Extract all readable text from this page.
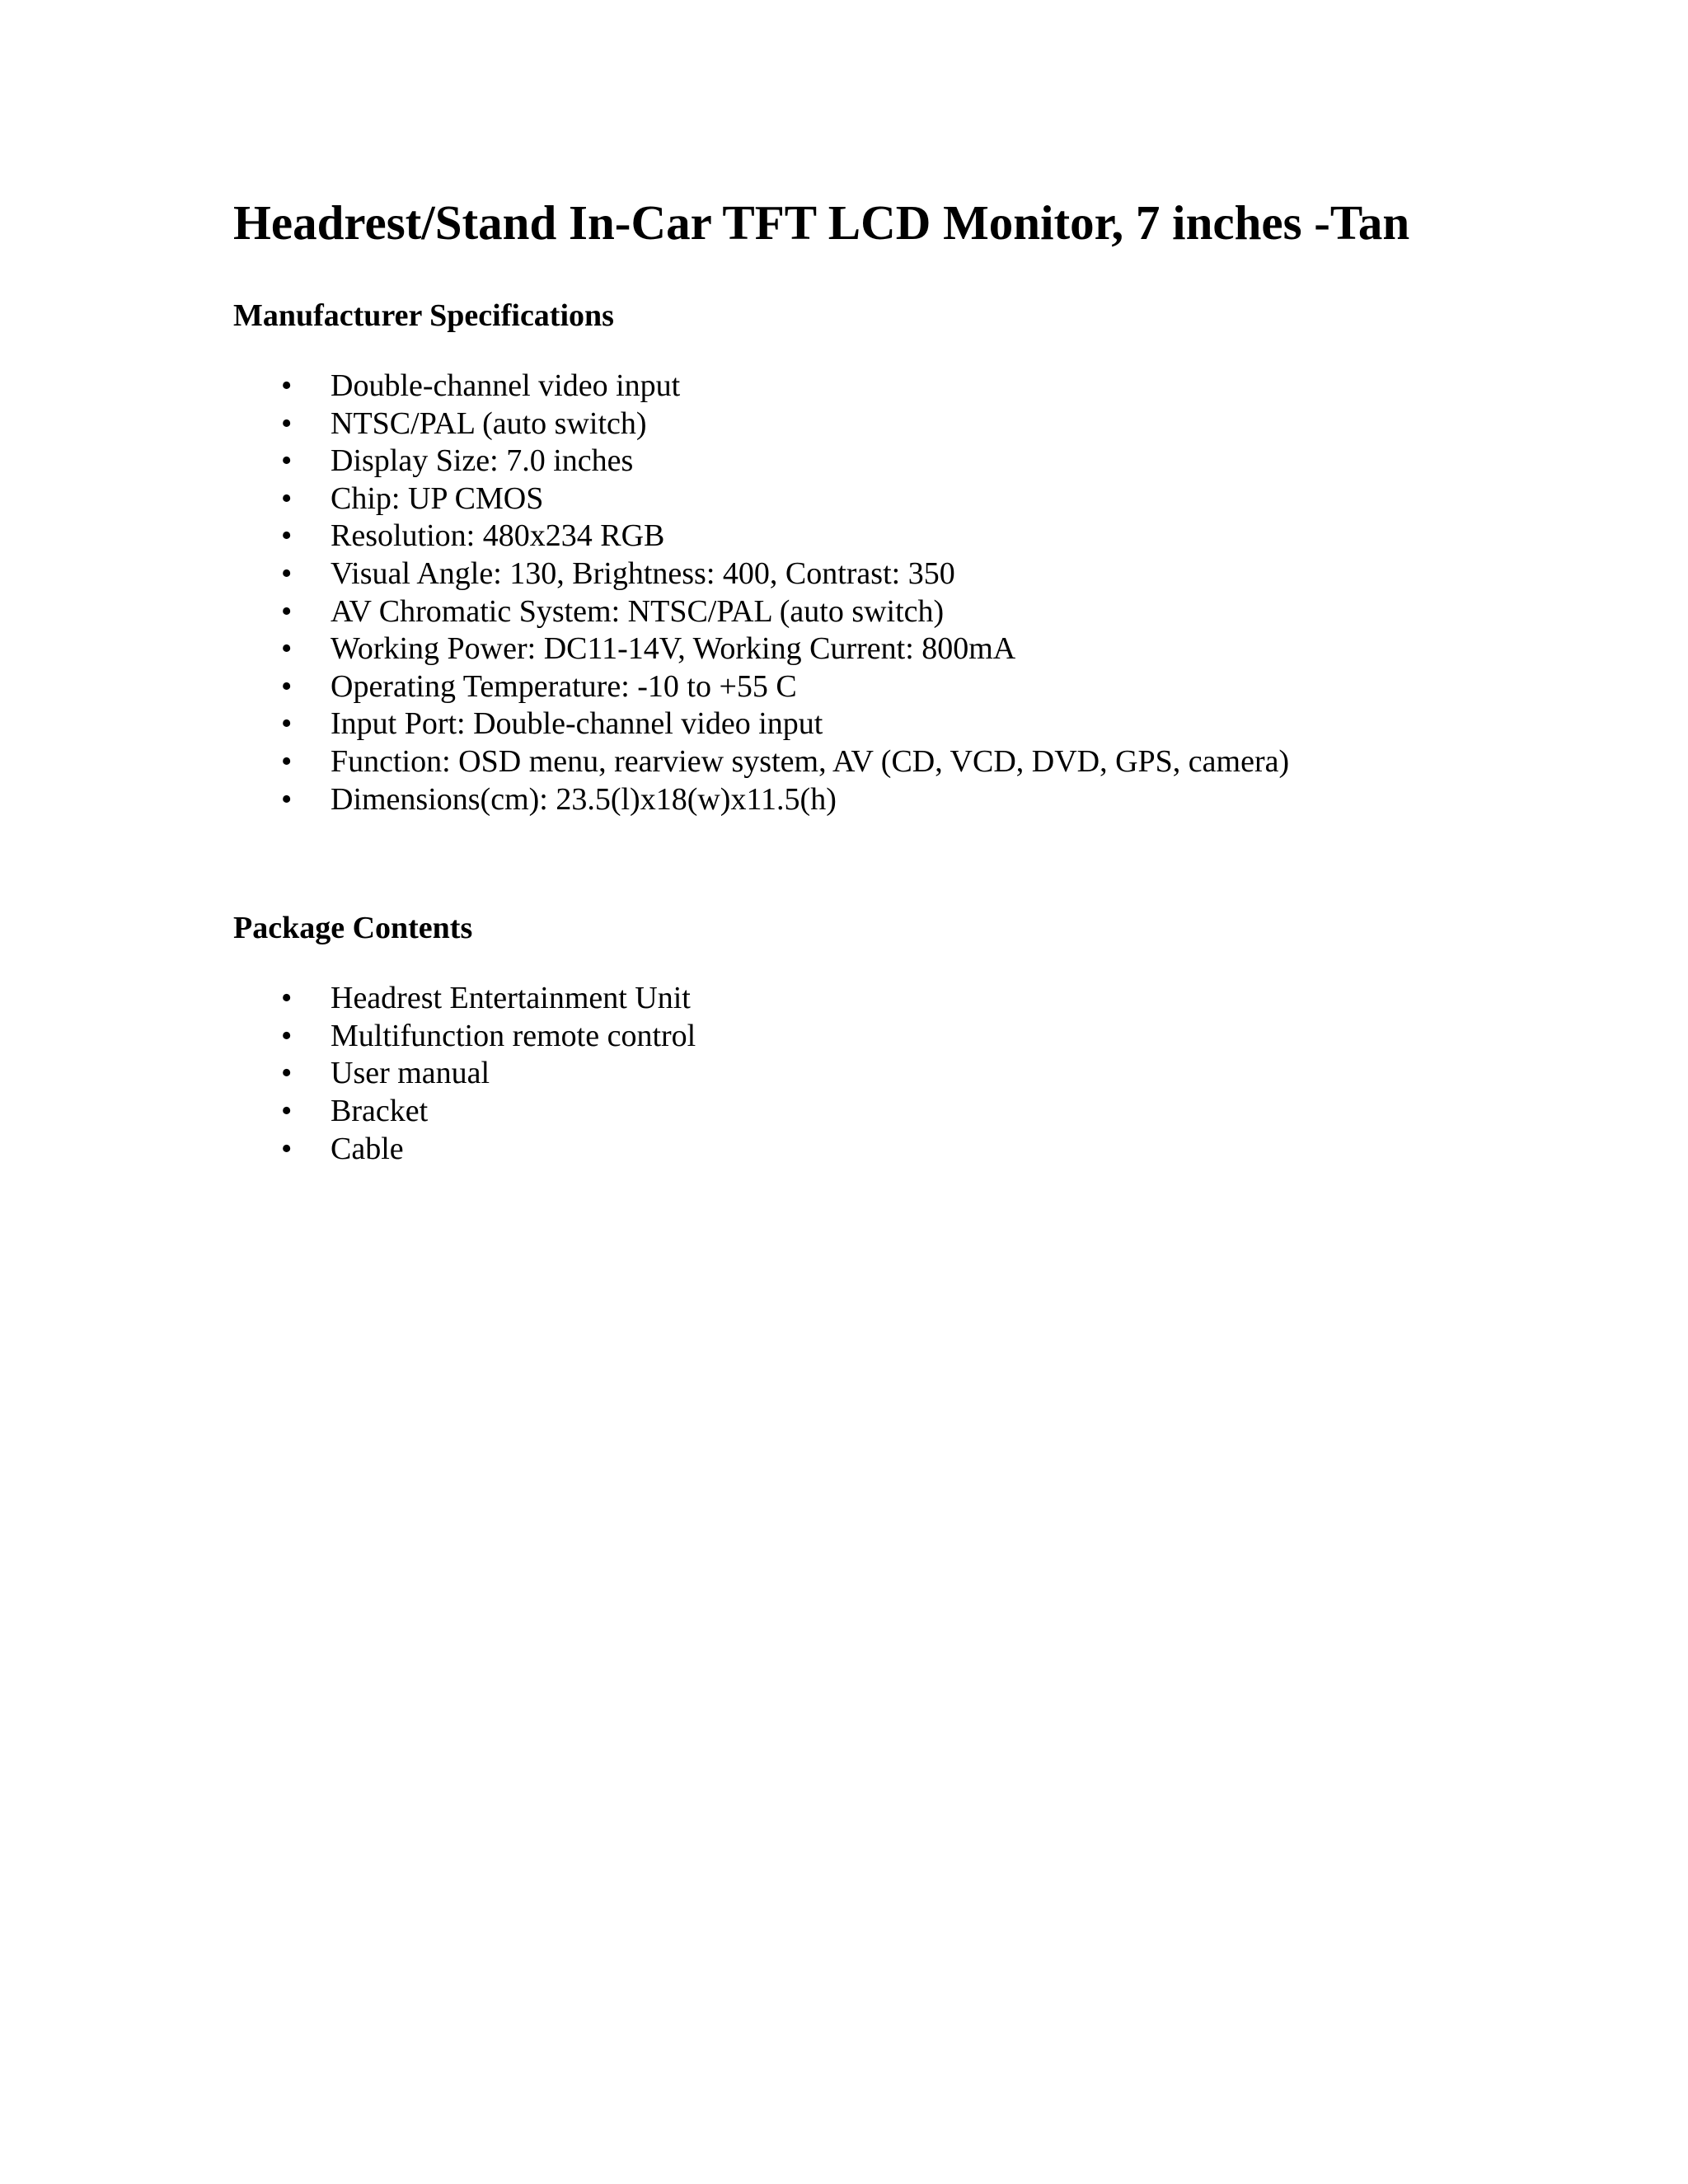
Headrest/Stand In-Car TFT LCD Monitor, 7 inches -Tan
Manufacturer Specifications
•	Double-channel video input
•	NTSC/PAL (auto switch)
•	Display Size: 7.0 inches
•	Chip: UP CMOS
•	Resolution: 480x234 RGB
•	Visual Angle: 130, Brightness: 400, Contrast: 350
•	AV Chromatic System: NTSC/PAL (auto switch)
•	Working Power: DC11-14V, Working Current: 800mA
•	Operating Temperature: -10 to +55 C
•	Input Port: Double-channel video input
•	Function: OSD menu, rearview system, AV (CD, VCD, DVD, GPS, camera)
•	Dimensions(cm): 23.5(l)x18(w)x11.5(h)
Package Contents
•	Headrest Entertainment Unit
•	Multifunction remote control
•	User manual
•	Bracket
•	Cable
